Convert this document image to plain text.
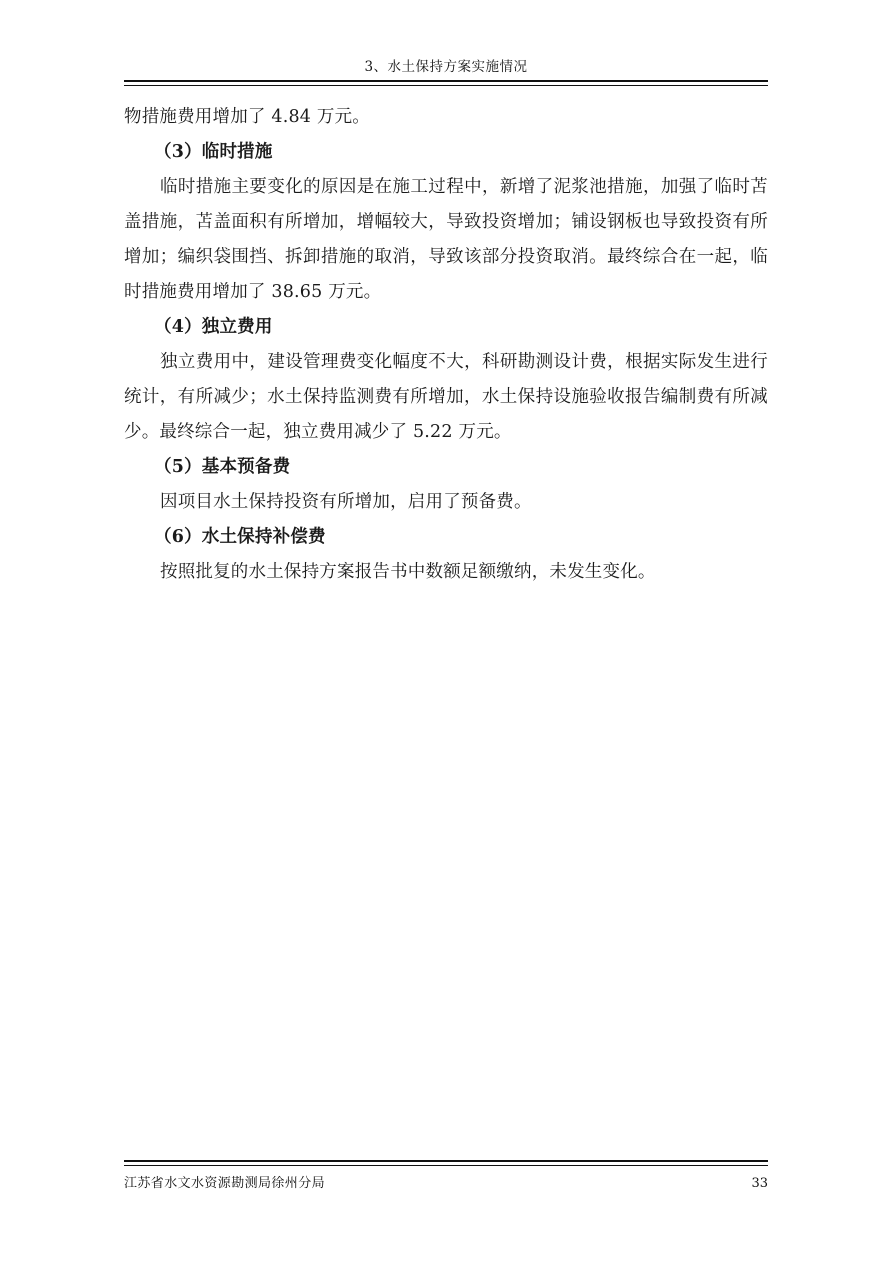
3、水土保持方案实施情况

物措施费用增加了 4.84 万元。

（3）临时措施

临时措施主要变化的原因是在施工过程中，新增了泥浆池措施，加强了临时苫盖措施，苫盖面积有所增加，增幅较大，导致投资增加；铺设钢板也导致投资有所增加；编织袋围挡、拆卸措施的取消，导致该部分投资取消。最终综合在一起，临时措施费用增加了 38.65 万元。

（4）独立费用

独立费用中，建设管理费变化幅度不大，科研勘测设计费，根据实际发生进行统计，有所减少；水土保持监测费有所增加，水土保持设施验收报告编制费有所减少。最终综合一起，独立费用减少了 5.22 万元。

（5）基本预备费

因项目水土保持投资有所增加，启用了预备费。

（6）水土保持补偿费

按照批复的水土保持方案报告书中数额足额缴纳，未发生变化。

江苏省水文水资源勘测局徐州分局	33
